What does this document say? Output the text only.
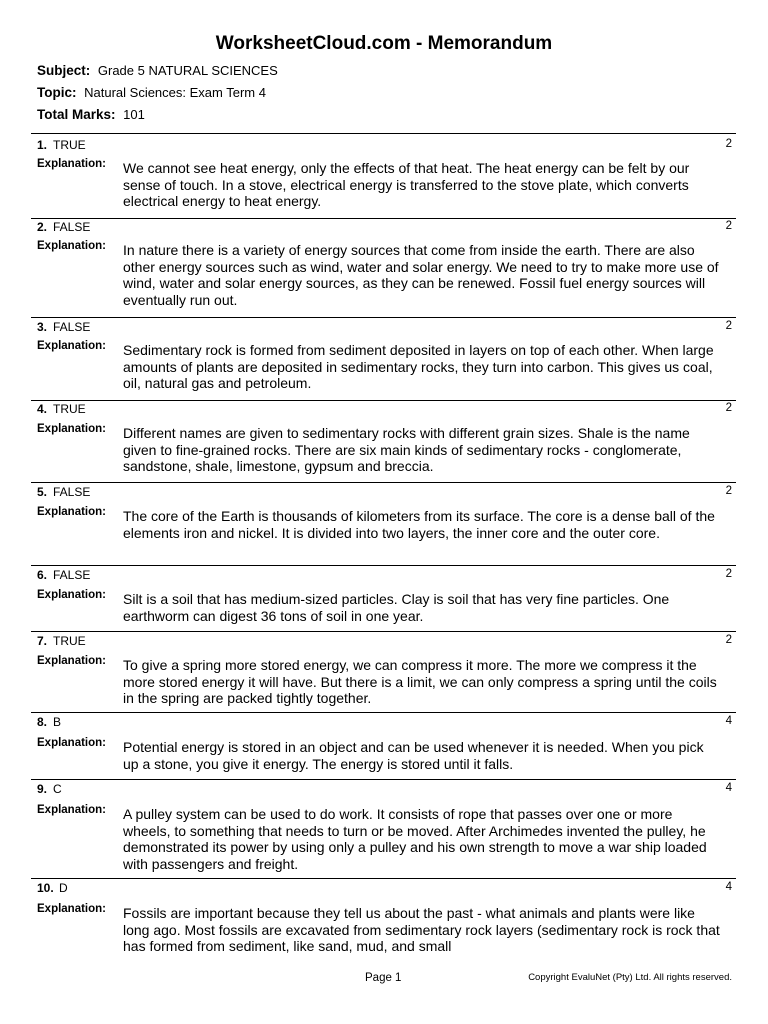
WorksheetCloud.com - Memorandum
Subject: Grade 5 NATURAL SCIENCES
Topic: Natural Sciences: Exam Term 4
Total Marks: 101
1. TRUE	2
Explanation: We cannot see heat energy, only the effects of that heat. The heat energy can be felt by our sense of touch. In a stove, electrical energy is transferred to the stove plate, which converts electrical energy to heat energy.
2. FALSE	2
Explanation: In nature there is a variety of energy sources that come from inside the earth. There are also other energy sources such as wind, water and solar energy. We need to try to make more use of wind, water and solar energy sources, as they can be renewed. Fossil fuel energy sources will eventually run out.
3. FALSE	2
Explanation: Sedimentary rock is formed from sediment deposited in layers on top of each other. When large amounts of plants are deposited in sedimentary rocks, they turn into carbon. This gives us coal, oil, natural gas and petroleum.
4. TRUE	2
Explanation: Different names are given to sedimentary rocks with different grain sizes. Shale is the name given to fine-grained rocks. There are six main kinds of sedimentary rocks - conglomerate, sandstone, shale, limestone, gypsum and breccia.
5. FALSE	2
Explanation: The core of the Earth is thousands of kilometers from its surface. The core is a dense ball of the elements iron and nickel. It is divided into two layers, the inner core and the outer core.
6. FALSE	2
Explanation: Silt is a soil that has medium-sized particles. Clay is soil that has very fine particles. One earthworm can digest 36 tons of soil in one year.
7. TRUE	2
Explanation: To give a spring more stored energy, we can compress it more. The more we compress it the more stored energy it will have. But there is a limit, we can only compress a spring until the coils in the spring are packed tightly together.
8. B	4
Explanation: Potential energy is stored in an object and can be used whenever it is needed. When you pick up a stone, you give it energy. The energy is stored until it falls.
9. C	4
Explanation: A pulley system can be used to do work. It consists of rope that passes over one or more wheels, to something that needs to turn or be moved. After Archimedes invented the pulley, he demonstrated its power by using only a pulley and his own strength to move a war ship loaded with passengers and freight.
10. D	4
Explanation: Fossils are important because they tell us about the past - what animals and plants were like long ago. Most fossils are excavated from sedimentary rock layers (sedimentary rock is rock that has formed from sediment, like sand, mud, and small
Page 1	Copyright EvaluNet (Pty) Ltd. All rights reserved.
